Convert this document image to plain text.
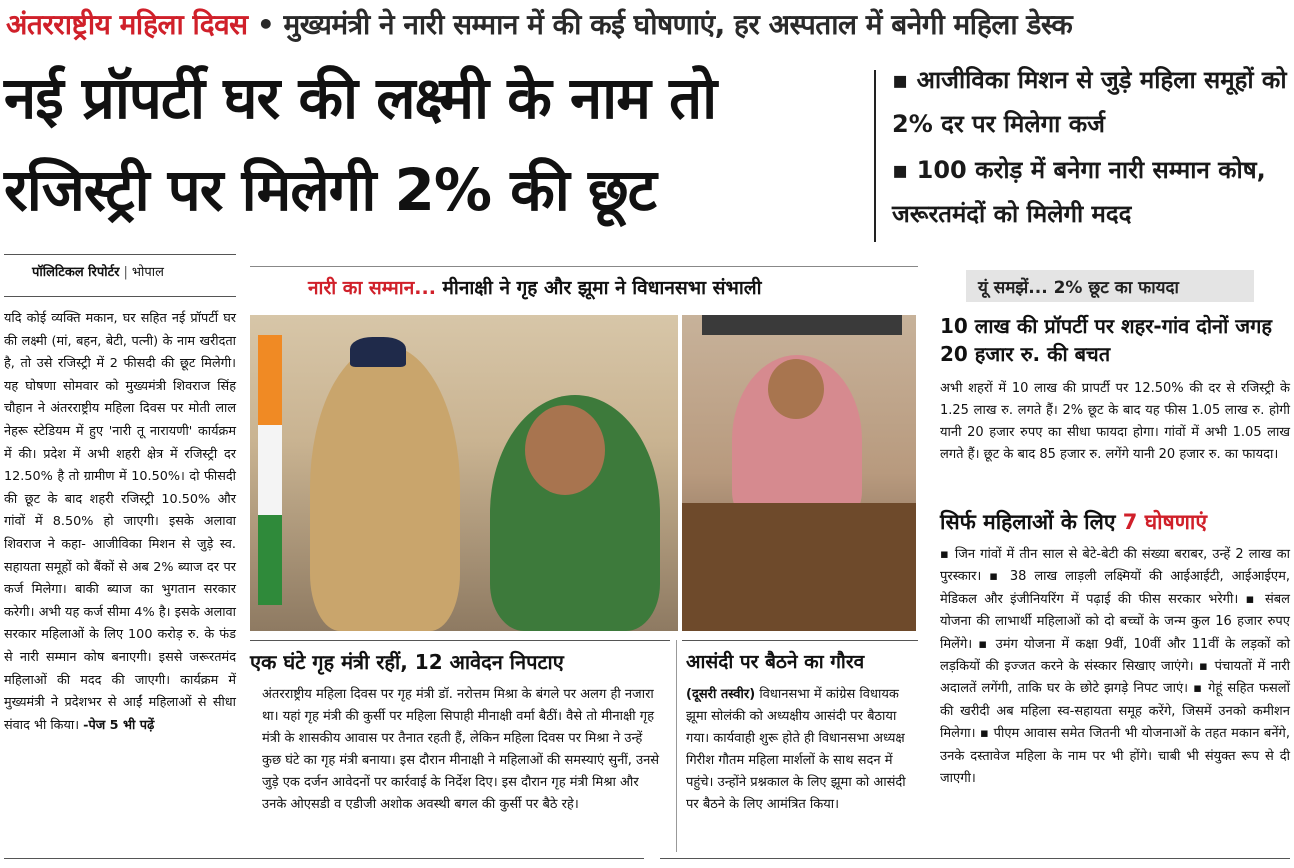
अंतरराष्ट्रीय महिला दिवस • मुख्यमंत्री ने नारी सम्मान में की कई घोषणाएं, हर अस्पताल में बनेगी महिला डेस्क
नई प्रॉपर्टी घर की लक्ष्मी के नाम तो
रजिस्ट्री पर मिलेगी 2% की छूट
▪ आजीविका मिशन से जुड़े महिला समूहों को 2% दर पर मिलेगा कर्ज
▪ 100 करोड़ में बनेगा नारी सम्मान कोष, जरूरतमंदों को मिलेगी मदद
पॉलिटिकल रिपोर्टर | भोपाल
यदि कोई व्यक्ति मकान, घर सहित नई प्रॉपर्टी घर की लक्ष्मी (मां, बहन, बेटी, पत्नी) के नाम खरीदता है, तो उसे रजिस्ट्री में 2 फीसदी की छूट मिलेगी। यह घोषणा सोमवार को मुख्यमंत्री शिवराज सिंह चौहान ने अंतरराष्ट्रीय महिला दिवस पर मोती लाल नेहरू स्टेडियम में हुए 'नारी तू नारायणी' कार्यक्रम में की। प्रदेश में अभी शहरी क्षेत्र में रजिस्ट्री दर 12.50% है तो ग्रामीण में 10.50%। दो फीसदी की छूट के बाद शहरी रजिस्ट्री 10.50% और गांवों में 8.50% हो जाएगी। इसके अलावा शिवराज ने कहा- आजीविका मिशन से जुड़े स्व. सहायता समूहों को बैंकों से अब 2% ब्याज दर पर कर्ज मिलेगा। बाकी ब्याज का भुगतान सरकार करेगी। अभी यह कर्ज सीमा 4% है। इसके अलावा सरकार महिलाओं के लिए 100 करोड़ रु. के फंड से नारी सम्मान कोष बनाएगी। इससे जरूरतमंद महिलाओं की मदद की जाएगी। कार्यक्रम में मुख्यमंत्री ने प्रदेशभर से आईं महिलाओं से सीधा संवाद भी किया। -पेज 5 भी पढ़ें
नारी का सम्मान... मीनाक्षी ने गृह और झूमा ने विधानसभा संभाली
एक घंटे गृह मंत्री रहीं, 12 आवेदन निपटाए
अंतरराष्ट्रीय महिला दिवस पर गृह मंत्री डॉ. नरोत्तम मिश्रा के बंगले पर अलग ही नजारा था। यहां गृह मंत्री की कुर्सी पर महिला सिपाही मीनाक्षी वर्मा बैठीं। वैसे तो मीनाक्षी गृह मंत्री के शासकीय आवास पर तैनात रहती हैं, लेकिन महिला दिवस पर मिश्रा ने उन्हें कुछ घंटे का गृह मंत्री बनाया। इस दौरान मीनाक्षी ने महिलाओं की समस्याएं सुनीं, उनसे जुड़े एक दर्जन आवेदनों पर कार्रवाई के निर्देश दिए। इस दौरान गृह मंत्री मिश्रा और उनके ओएसडी व एडीजी अशोक अवस्थी बगल की कुर्सी पर बैठे रहे।
आसंदी पर बैठने का गौरव
(दूसरी तस्वीर) विधानसभा में कांग्रेस विधायक झूमा सोलंकी को अध्यक्षीय आसंदी पर बैठाया गया। कार्यवाही शुरू होते ही विधानसभा अध्यक्ष गिरीश गौतम महिला मार्शलों के साथ सदन में पहुंचे। उन्होंने प्रश्नकाल के लिए झूमा को आसंदी पर बैठने के लिए आमंत्रित किया।
यूं समझें... 2% छूट का फायदा
10 लाख की प्रॉपर्टी पर शहर-गांव दोनों जगह 20 हजार रु. की बचत
अभी शहरों में 10 लाख की प्रापर्टी पर 12.50% की दर से रजिस्ट्री के 1.25 लाख रु. लगते हैं। 2% छूट के बाद यह फीस 1.05 लाख रु. होगी यानी 20 हजार रुपए का सीधा फायदा होगा। गांवों में अभी 1.05 लाख लगते हैं। छूट के बाद 85 हजार रु. लगेंगे यानी 20 हजार रु. का फायदा।
सिर्फ महिलाओं के लिए 7 घोषणाएं
▪ जिन गांवों में तीन साल से बेटे-बेटी की संख्या बराबर, उन्हें 2 लाख का पुरस्कार। ▪ 38 लाख लाड़ली लक्ष्मियों की आईआईटी, आईआईएम, मेडिकल और इंजीनियरिंग में पढ़ाई की फीस सरकार भरेगी। ▪ संबल योजना की लाभार्थी महिलाओं को दो बच्चों के जन्म कुल 16 हजार रुपए मिलेंगे। ▪ उमंग योजना में कक्षा 9वीं, 10वीं और 11वीं के लड़कों को लड़कियों की इज्जत करने के संस्कार सिखाए जाएंगे। ▪ पंचायतों में नारी अदालतें लगेंगी, ताकि घर के छोटे झगड़े निपट जाएं। ▪ गेहूं सहित फसलों की खरीदी अब महिला स्व-सहायता समूह करेंगे, जिसमें उनको कमीशन मिलेगा। ▪ पीएम आवास समेत जितनी भी योजनाओं के तहत मकान बनेंगे, उनके दस्तावेज महिला के नाम पर भी होंगे। चाबी भी संयुक्त रूप से दी जाएगी।
